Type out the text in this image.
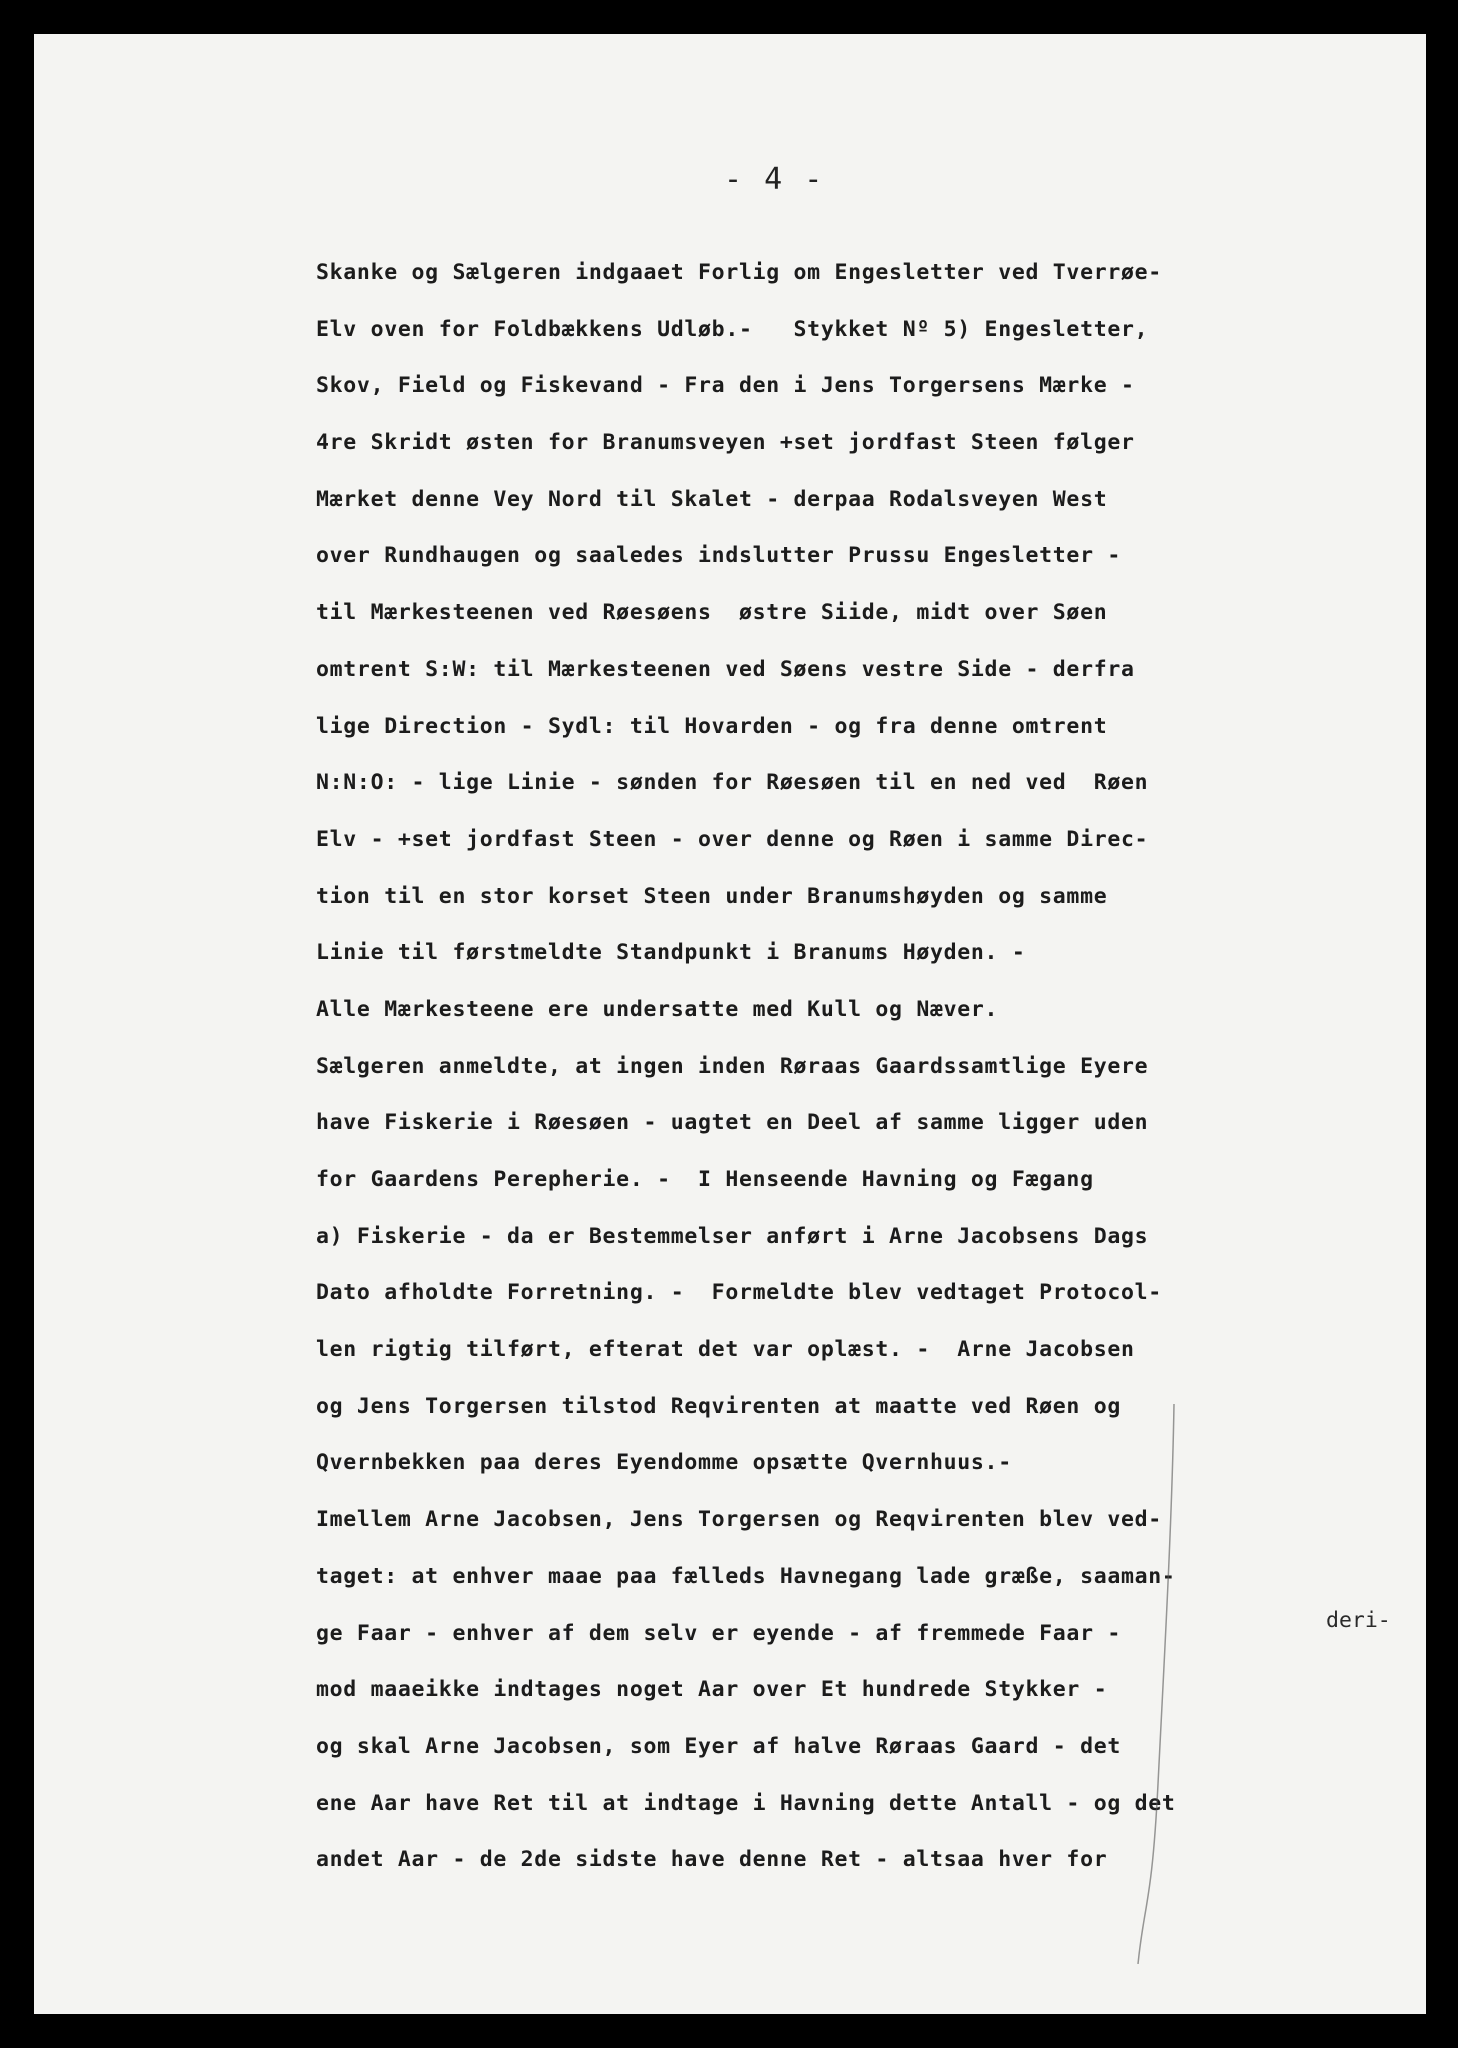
- 4 -
Skanke og Sælgeren indgaaet Forlig om Engesletter ved Tverrøe-
Elv oven for Foldbækkens Udløb.-   Stykket Nº 5) Engesletter,
Skov, Field og Fiskevand - Fra den i Jens Torgersens Mærke -
4re Skridt østen for Branumsveyen +set jordfast Steen følger
Mærket denne Vey Nord til Skalet - derpaa Rodalsveyen West
over Rundhaugen og saaledes indslutter Prussu Engesletter -
til Mærkesteenen ved Røesøens  østre Siide, midt over Søen
omtrent S:W: til Mærkesteenen ved Søens vestre Side - derfra
lige Direction - Sydl: til Hovarden - og fra denne omtrent
N:N:O: - lige Linie - sønden for Røesøen til en ned ved  Røen
Elv - +set jordfast Steen - over denne og Røen i samme Direc-
tion til en stor korset Steen under Branumshøyden og samme
Linie til førstmeldte Standpunkt i Branums Høyden. -
Alle Mærkesteene ere undersatte med Kull og Næver.
Sælgeren anmeldte, at ingen inden Røraas Gaardssamtlige Eyere
have Fiskerie i Røesøen - uagtet en Deel af samme ligger uden
for Gaardens Perepherie. -  I Henseende Havning og Fægang
a) Fiskerie - da er Bestemmelser anført i Arne Jacobsens Dags
Dato afholdte Forretning. -  Formeldte blev vedtaget Protocol-
len rigtig tilført, efterat det var oplæst. -  Arne Jacobsen
og Jens Torgersen tilstod Reqvirenten at maatte ved Røen og
Qvernbekken paa deres Eyendomme opsætte Qvernhuus.-
Imellem Arne Jacobsen, Jens Torgersen og Reqvirenten blev ved-
taget: at enhver maae paa fælleds Havnegang lade græße, saaman-
ge Faar - enhver af dem selv er eyende - af fremmede Faar -
mod maaeikke indtages noget Aar over Et hundrede Stykker -
og skal Arne Jacobsen, som Eyer af halve Røraas Gaard - det
ene Aar have Ret til at indtage i Havning dette Antall - og det
andet Aar - de 2de sidste have denne Ret - altsaa hver for
deri-
